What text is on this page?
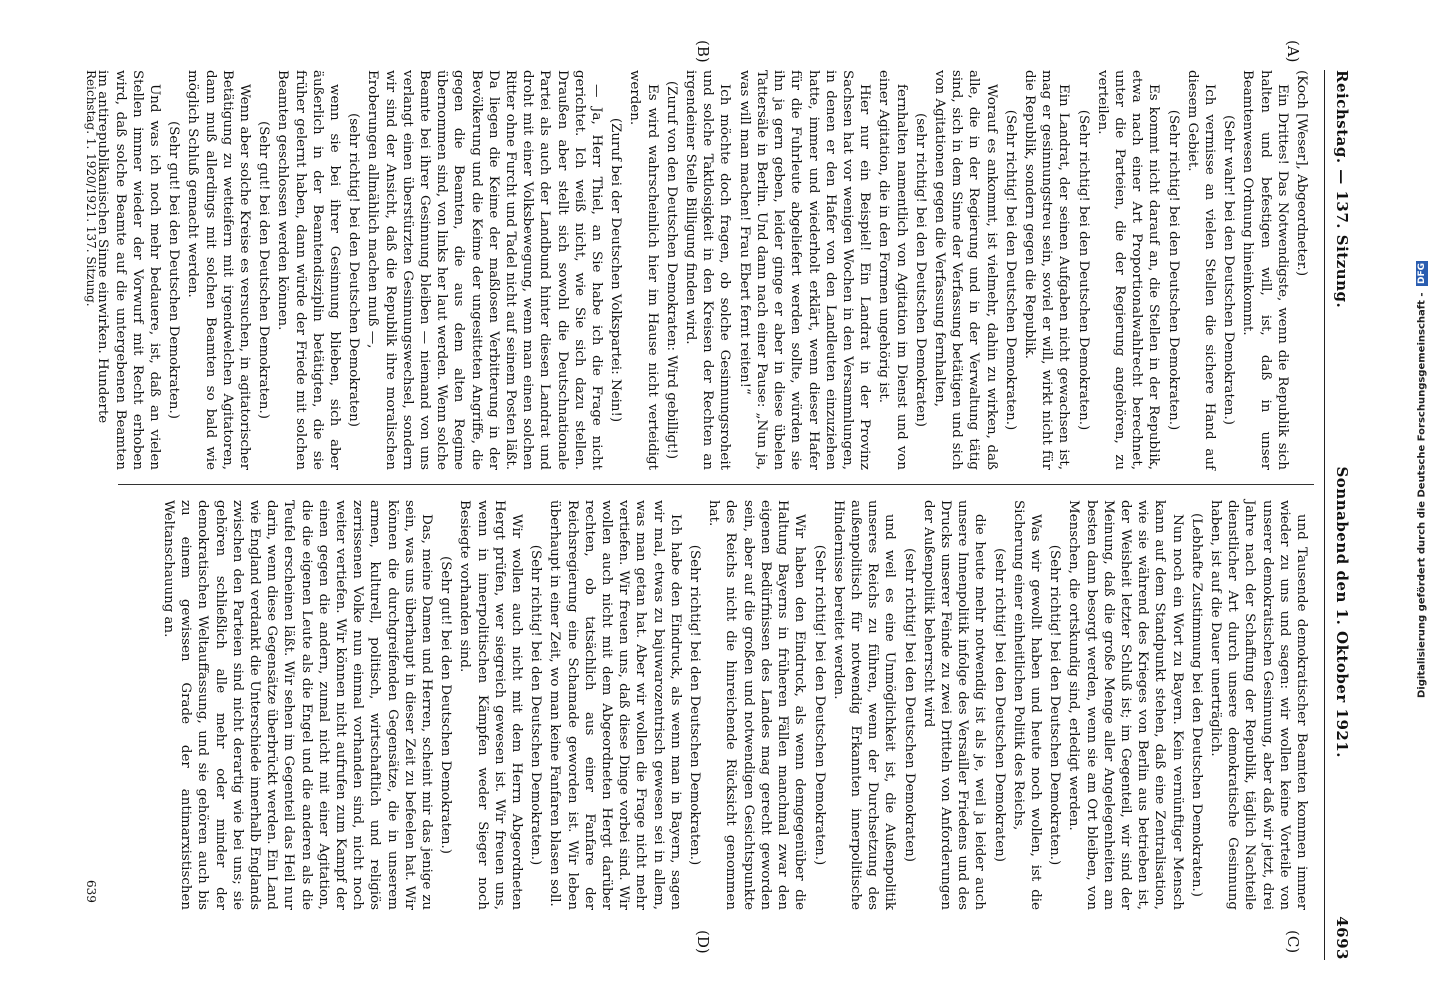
Reichstag. — 137. Sitzung.
Sonnabend den 1. Oktober 1921.
4693
(A)
(B)
(C)
(D)

(Koch [Weser], Abgeordneter.)

Ein Drittes! Das Notwendigste, wenn die Republik sich halten und befestigen will, ist, daß in unser Beamtenwesen Ordnung hineinkommt.

(Sehr wahr! bei den Deutschen Demokraten.)

Ich vermisse an vielen Stellen die sichere Hand auf diesem Gebiet.

(Sehr richtig! bei den Deutschen Demokraten.)

Es kommt nicht darauf an, die Stellen in der Republik, etwa nach einer Art Proportionalwahlrecht berechnet, unter die Parteien, die der Regierung angehören, zu verteilen.

(Sehr richtig! bei den Deutschen Demokraten.)

Ein Landrat, der seinen Aufgaben nicht gewachsen ist, mag er gesinnungstreu sein, soviel er will, wirkt nicht für die Republik, sondern gegen die Republik.

(Sehr richtig! bei den Deutschen Demokraten.)

Worauf es ankommt, ist vielmehr, dahin zu wirken, daß alle, die in der Regierung und in der Verwaltung tätig sind, sich in dem Sinne der Verfassung betätigen und sich von Agitationen gegen die Verfassung fernhalten,

(sehr richtig! bei den Deutschen Demokraten)

fernhalten namentlich von Agitation im Dienst und von einer Agitation, die in den Formen ungehörig ist.

Hier nur ein Beispiel! Ein Landrat in der Provinz Sachsen hat vor wenigen Wochen in den Versammlungen, in denen er den Hafer von den Landleuten einzuziehen hatte, immer und wiederholt erklärt, wenn dieser Hafer für die Fuhrleute abgeliefert werden sollte, würden sie ihn ja gern geben, leider ginge er aber in diese übelen Tattersäle in Berlin. Und dann nach einer Pause: „Nun ja, was will man machen! Frau Ebert fernt reiten!“

Ich möchte doch fragen, ob solche Gesinnungsroheit und solche Taktlosigkeit in den Kreisen der Rechten an irgendeiner Stelle Billigung finden wird.

(Zuruf von den Deutschen Demokraten: Wird gebilligt!)

Es wird wahrscheinlich hier im Hause nicht verteidigt werden.

(Zuruf bei der Deutschen Volkspartei: Nein!)

— Ja, Herr Thiel, an Sie habe ich die Frage nicht gerichtet. Ich weiß nicht, wie Sie sich dazu stellen. Draußen aber stellt sich sowohl die Deutschnationale Partei als auch der Landbund hinter diesen Landrat und droht mit einer Volksbewegung, wenn man einen solchen Ritter ohne Furcht und Tadel nicht auf seinem Posten läßt. Da liegen die Keime der maßlosen Verbitterung in der Bevölkerung und die Keime der ungesitteten Angriffe, die gegen die Beamten, die aus dem alten Regime übernommen sind, von links her laut werden. Wenn solche Beamte bei ihrer Gesinnung bleiben — niemand von uns verlangt einen überstürzten Gesinnungswechsel, sondern wir sind der Ansicht, daß die Republik ihre moralischen Eroberungen allmählich machen muß —,

(sehr richtig! bei den Deutschen Demokraten)

wenn sie bei ihrer Gesinnung blieben, sich aber äußerlich in der Beamtendisziplin betätigten, die sie früher gelernt haben, dann würde der Friede mit solchen Beamten geschlossen werden können.

(Sehr gut! bei den Deutschen Demokraten.)

Wenn aber solche Kreise es versuchen, in agitatorischer Betätigung zu wetteifern mit irgendwelchen Agitatoren, dann muß allerdings mit solchen Beamten so bald wie möglich Schluß gemacht werden.

(Sehr gut! bei den Deutschen Demokraten.)

Und was ich noch mehr bedauere, ist, daß an vielen Stellen immer wieder der Vorwurf mit Recht erhoben wird, daß solche Beamte auf die untergebenen Beamten im antirepublikanischen Sinne einwirken. Hunderte

und Tausende demokratischer Beamten kommen immer wieder zu uns und sagen: wir wollen keine Vorteile von unserer demokratischen Gesinnung, aber daß wir jetzt, drei Jahre nach der Schaffung der Republik, täglich Nachteile dienstlicher Art durch unsere demokratische Gesinnung haben, ist auf die Dauer unerträglich.

(Lebhafte Zustimmung bei den Deutschen Demokraten.)

Nun noch ein Wort zu Bayern. Kein vernünftiger Mensch kann auf dem Standpunkt stehen, daß eine Zentralisation, wie sie während des Krieges von Berlin aus betrieben ist, der Weisheit letzter Schluß ist; im Gegenteil, wir sind der Meinung, daß die große Menge aller Angelegenheiten am besten dann besorgt werden, wenn sie am Ort bleiben, von Menschen, die ortskundig sind, erledigt werden.

(Sehr richtig! bei den Deutschen Demokraten.)

Was wir gewollt haben und heute noch wollen, ist die Sicherung einer einheitlichen Politik des Reichs,

(sehr richtig! bei den Deutschen Demokraten)

die heute mehr notwendig ist als je, weil ja leider auch unsere Innenpolitik infolge des Versailler Friedens und des Drucks unserer Feinde zu zwei Dritteln von Anforderungen der Außenpolitik beherrscht wird

(sehr richtig! bei den Deutschen Demokraten)

und weil es eine Unmöglichkeit ist, die Außenpolitik unseres Reichs zu führen, wenn der Durchsetzung des außenpolitisch für notwendig Erkannten innerpolitische Hindernisse bereitet werden.

(Sehr richtig! bei den Deutschen Demokraten.)

Wir haben den Eindruck, als wenn demgegenüber die Haltung Bayerns in früheren Fällen manchmal zwar den eigenen Bedürfnissen des Landes mag gerecht geworden sein, aber auf die großen und notwendigen Gesichtspunkte des Reichs nicht die hinreichende Rücksicht genommen hat.

(Sehr richtig! bei den Deutschen Demokraten.)

Ich habe den Eindruck, als wenn man in Bayern, sagen wir mal, etwas zu bajuwarozentrisch gewesen sei in allem, was man getan hat. Aber wir wollen die Frage nicht mehr vertiefen. Wir freuen uns, daß diese Dinge vorbei sind. Wir wollen auch nicht mit dem Abgeordneten Hergt darüber rechten, ob tatsächlich aus einer Fanfare der Reichsregierung eine Schamade geworden ist. Wir leben überhaupt in einer Zeit, wo man keine Fanfaren blasen soll.

(Sehr richtig! bei den Deutschen Demokraten.)

Wir wollen auch nicht mit dem Herrn Abgeordneten Hergt prüfen, wer siegreich gewesen ist. Wir freuen uns, wenn in innerpolitischen Kämpfen weder Sieger noch Besiegte vorhanden sind.

(Sehr gut! bei den Deutschen Demokraten.)

Das, meine Damen und Herren, scheint mir das jenige zu sein, was uns überhaupt in dieser Zeit zu befeelen hat. Wir können die durchgreifenden Gegensätze, die in unserem armen, kulturell, politisch, wirtschaftlich und religiös zerrissenen Volke nun einmal vorhanden sind, nicht noch weiter vertiefen. Wir können nicht aufrufen zum Kampf der einen gegen die andern, zumal nicht mit einer Agitation, die die eigenen Leute als die Engel und die anderen als die Teufel erscheinen läßt. Wir sehen im Gegenteil das Heil nur darin, wenn diese Gegensätze überbrückt werden. Ein Land wie England verdankt die Unterschiede innerhalb Englands zwischen den Parteien sind nicht derartig wie bei uns; sie gehören schließlich alle mehr oder minder der demokratischen Weltauffassung, und sie gehören auch bis zu einem gewissen Grade der antimarxistischen Weltanschauung an.

Reichstag. 1. 1920/1921. 137. Sitzung.
639
Digitalisierung gefördert durch die Deutsche Forschungsgemeinschaft -
DFG
